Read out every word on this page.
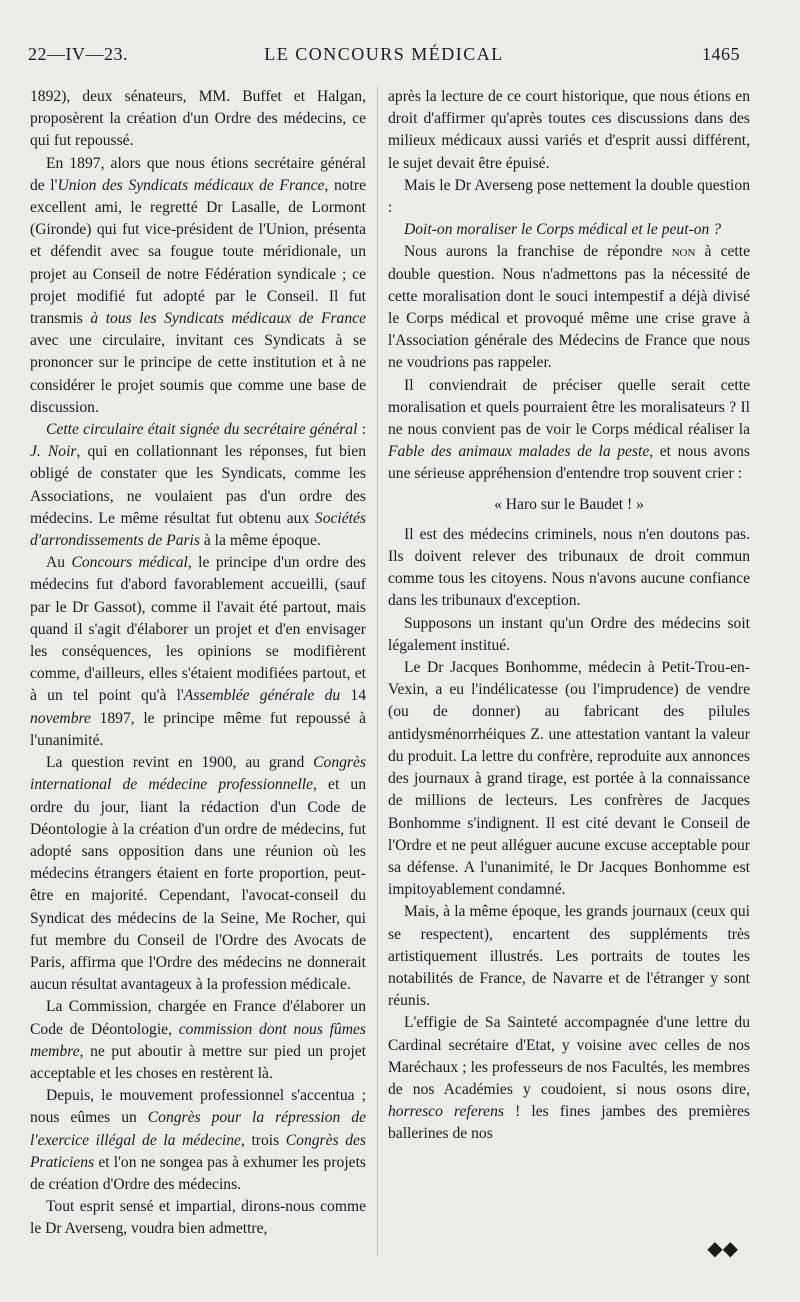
22—IV—23.	LE CONCOURS MÉDICAL	1465

1892), deux sénateurs, MM. Buffet et Halgan, proposèrent la création d'un Ordre des médecins, ce qui fut repoussé.

En 1897, alors que nous étions secrétaire général de l'Union des Syndicats médicaux de France, notre excellent ami, le regretté Dr Lasalle, de Lormont (Gironde) qui fut vice-président de l'Union, présenta et défendit avec sa fougue toute méridionale, un projet au Conseil de notre Fédération syndicale ; ce projet modifié fut adopté par le Conseil. Il fut transmis à tous les Syndicats médicaux de France avec une circulaire, invitant ces Syndicats à se prononcer sur le principe de cette institution et à ne considérer le projet soumis que comme une base de discussion.

Cette circulaire était signée du secrétaire général : J. Noir, qui en collationnant les réponses, fut bien obligé de constater que les Syndicats, comme les Associations, ne voulaient pas d'un ordre des médecins. Le même résultat fut obtenu aux Sociétés d'arrondissements de Paris à la même époque.

Au Concours médical, le principe d'un ordre des médecins fut d'abord favorablement accueilli, (sauf par le Dr Gassot), comme il l'avait été partout, mais quand il s'agit d'élaborer un projet et d'en envisager les conséquences, les opinions se modifièrent comme, d'ailleurs, elles s'étaient modifiées partout, et à un tel point qu'à l'Assemblée générale du 14 novembre 1897, le principe même fut repoussé à l'unanimité.

La question revint en 1900, au grand Congrès international de médecine professionnelle, et un ordre du jour, liant la rédaction d'un Code de Déontologie à la création d'un ordre de médecins, fut adopté sans opposition dans une réunion où les médecins étrangers étaient en forte proportion, peut-être en majorité. Cependant, l'avocat-conseil du Syndicat des médecins de la Seine, Me Rocher, qui fut membre du Conseil de l'Ordre des Avocats de Paris, affirma que l'Ordre des médecins ne donnerait aucun résultat avantageux à la profession médicale.

La Commission, chargée en France d'élaborer un Code de Déontologie, commission dont nous fûmes membre, ne put aboutir à mettre sur pied un projet acceptable et les choses en restèrent là.

Depuis, le mouvement professionnel s'accentua ; nous eûmes un Congrès pour la répression de l'exercice illégal de la médecine, trois Congrès des Praticiens et l'on ne songea pas à exhumer les projets de création d'Ordre des médecins.

Tout esprit sensé et impartial, dirons-nous comme le Dr Averseng, voudra bien admettre,

après la lecture de ce court historique, que nous étions en droit d'affirmer qu'après toutes ces discussions dans des milieux médicaux aussi variés et d'esprit aussi différent, le sujet devait être épuisé.

Mais le Dr Averseng pose nettement la double question :

Doit-on moraliser le Corps médical et le peut-on ?

Nous aurons la franchise de répondre non à cette double question. Nous n'admettons pas la nécessité de cette moralisation dont le souci intempestif a déjà divisé le Corps médical et provoqué même une crise grave à l'Association générale des Médecins de France que nous ne voudrions pas rappeler.

Il conviendrait de préciser quelle serait cette moralisation et quels pourraient être les moralisateurs ? Il ne nous convient pas de voir le Corps médical réaliser la Fable des animaux malades de la peste, et nous avons une sérieuse appréhension d'entendre trop souvent crier :

« Haro sur le Baudet ! »

Il est des médecins criminels, nous n'en doutons pas. Ils doivent relever des tribunaux de droit commun comme tous les citoyens. Nous n'avons aucune confiance dans les tribunaux d'exception.

Supposons un instant qu'un Ordre des médecins soit légalement institué.

Le Dr Jacques Bonhomme, médecin à Petit-Trou-en-Vexin, a eu l'indélicatesse (ou l'imprudence) de vendre (ou de donner) au fabricant des pilules antidysménorrhéiques Z. une attestation vantant la valeur du produit. La lettre du confrère, reproduite aux annonces des journaux à grand tirage, est portée à la connaissance de millions de lecteurs. Les confrères de Jacques Bonhomme s'indignent. Il est cité devant le Conseil de l'Ordre et ne peut alléguer aucune excuse acceptable pour sa défense. A l'unanimité, le Dr Jacques Bonhomme est impitoyablement condamné.

Mais, à la même époque, les grands journaux (ceux qui se respectent), encartent des suppléments très artistiquement illustrés. Les portraits de toutes les notabilités de France, de Navarre et de l'étranger y sont réunis.

L'effigie de Sa Sainteté accompagnée d'une lettre du Cardinal secrétaire d'Etat, y voisine avec celles de nos Maréchaux ; les professeurs de nos Facultés, les membres de nos Académies y coudoient, si nous osons dire, horresco referens ! les fines jambes des premières ballerines de nos

◆◆
